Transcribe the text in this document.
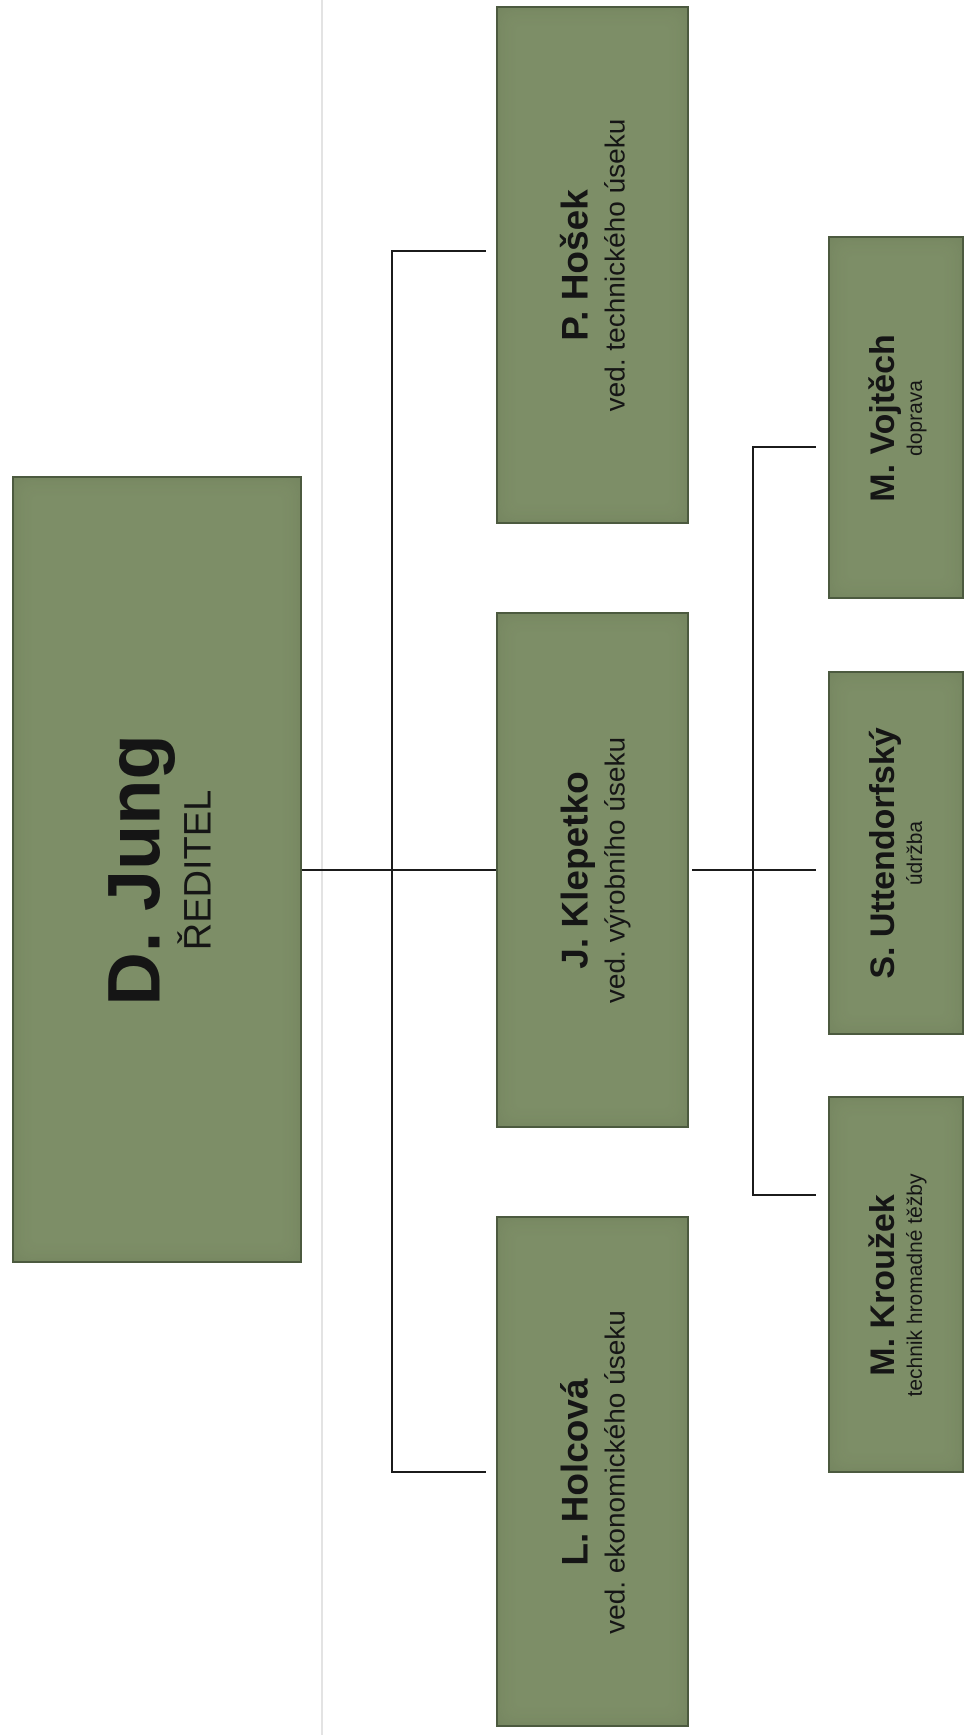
D. Jung ŘEDITEL
P. Hošek ved. technického úseku
J. Klepetko ved. výrobního úseku
L. Holcová ved. ekonomického úseku
M. Vojtěch doprava
S. Uttendorfský údržba
M. Kroužek technik hromadné těžby
